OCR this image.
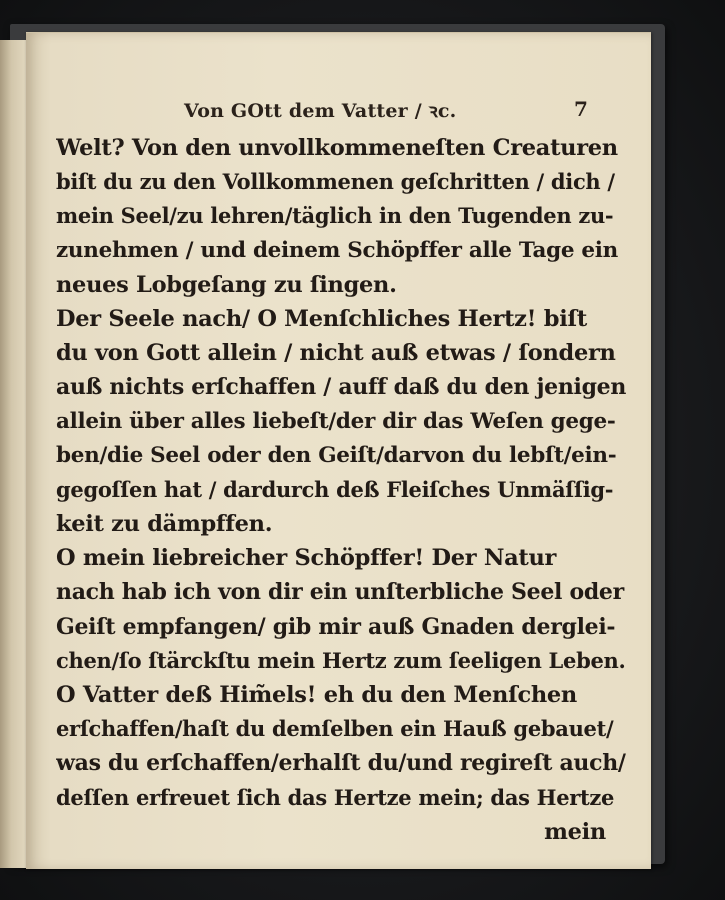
Von GOtt dem Vatter / ꝛc.	7
Welt? Von den unvollkommeneſten Creaturen
biſt du zu den Vollkommenen geſchritten / dich /
mein Seel/zu lehren/täglich in den Tugenden zu-
zunehmen / und deinem Schöpffer alle Tage ein
neues Lobgeſang zu ſingen.
Der Seele nach/ O Menſchliches Hertz! biſt
du von Gott allein / nicht auß etwas / ſondern
auß nichts erſchaffen / auff daß du den jenigen
allein über alles liebeſt/der dir das Weſen gege-
ben/die Seel oder den Geiſt/darvon du lebſt/ein-
gegoſſen hat / dardurch deß Fleiſches Unmäſſig-
keit zu dämpffen.
O mein liebreicher Schöpffer! Der Natur
nach hab ich von dir ein unſterbliche Seel oder
Geiſt empfangen/ gib mir auß Gnaden derglei-
chen/ſo ſtärckſtu mein Hertz zum ſeeligen Leben.
O Vatter deß Him̃els! eh du den Menſchen
erſchaffen/haſt du demſelben ein Hauß gebauet/
was du erſchaffen/erhalſt du/und regireſt auch/
deſſen erfreuet ſich das Hertze mein; das Hertze
mein
